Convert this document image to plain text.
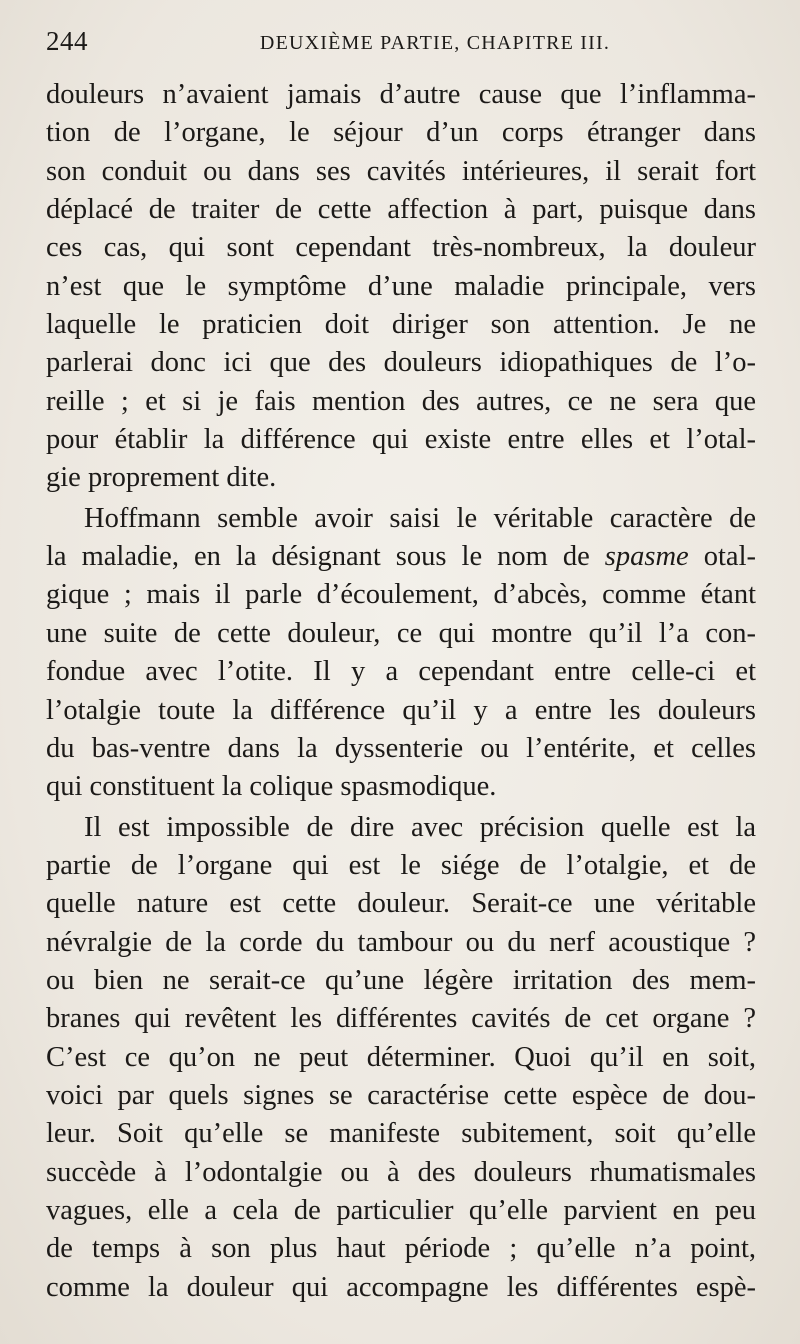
244	DEUXIÈME PARTIE, CHAPITRE III.
douleurs n’avaient jamais d’autre cause que l’inflamma-
tion de l’organe, le séjour d’un corps étranger dans
son conduit ou dans ses cavités intérieures, il serait fort
déplacé de traiter de cette affection à part, puisque dans
ces cas, qui sont cependant très-nombreux, la douleur
n’est que le symptôme d’une maladie principale, vers
laquelle le praticien doit diriger son attention. Je ne
parlerai donc ici que des douleurs idiopathiques de l’o-
reille ; et si je fais mention des autres, ce ne sera que
pour établir la différence qui existe entre elles et l’otal-
gie proprement dite.
Hoffmann semble avoir saisi le véritable caractère de
la maladie, en la désignant sous le nom de spasme otal-
gique ; mais il parle d’écoulement, d’abcès, comme étant
une suite de cette douleur, ce qui montre qu’il l’a con-
fondue avec l’otite. Il y a cependant entre celle-ci et
l’otalgie toute la différence qu’il y a entre les douleurs
du bas-ventre dans la dyssenterie ou l’entérite, et celles
qui constituent la colique spasmodique.
Il est impossible de dire avec précision quelle est la
partie de l’organe qui est le siége de l’otalgie, et de
quelle nature est cette douleur. Serait-ce une véritable
névralgie de la corde du tambour ou du nerf acoustique ?
ou bien ne serait-ce qu’une légère irritation des mem-
branes qui revêtent les différentes cavités de cet organe ?
C’est ce qu’on ne peut déterminer. Quoi qu’il en soit,
voici par quels signes se caractérise cette espèce de dou-
leur. Soit qu’elle se manifeste subitement, soit qu’elle
succède à l’odontalgie ou à des douleurs rhumatismales
vagues, elle a cela de particulier qu’elle parvient en peu
de temps à son plus haut période ; qu’elle n’a point,
comme la douleur qui accompagne les différentes espè-
